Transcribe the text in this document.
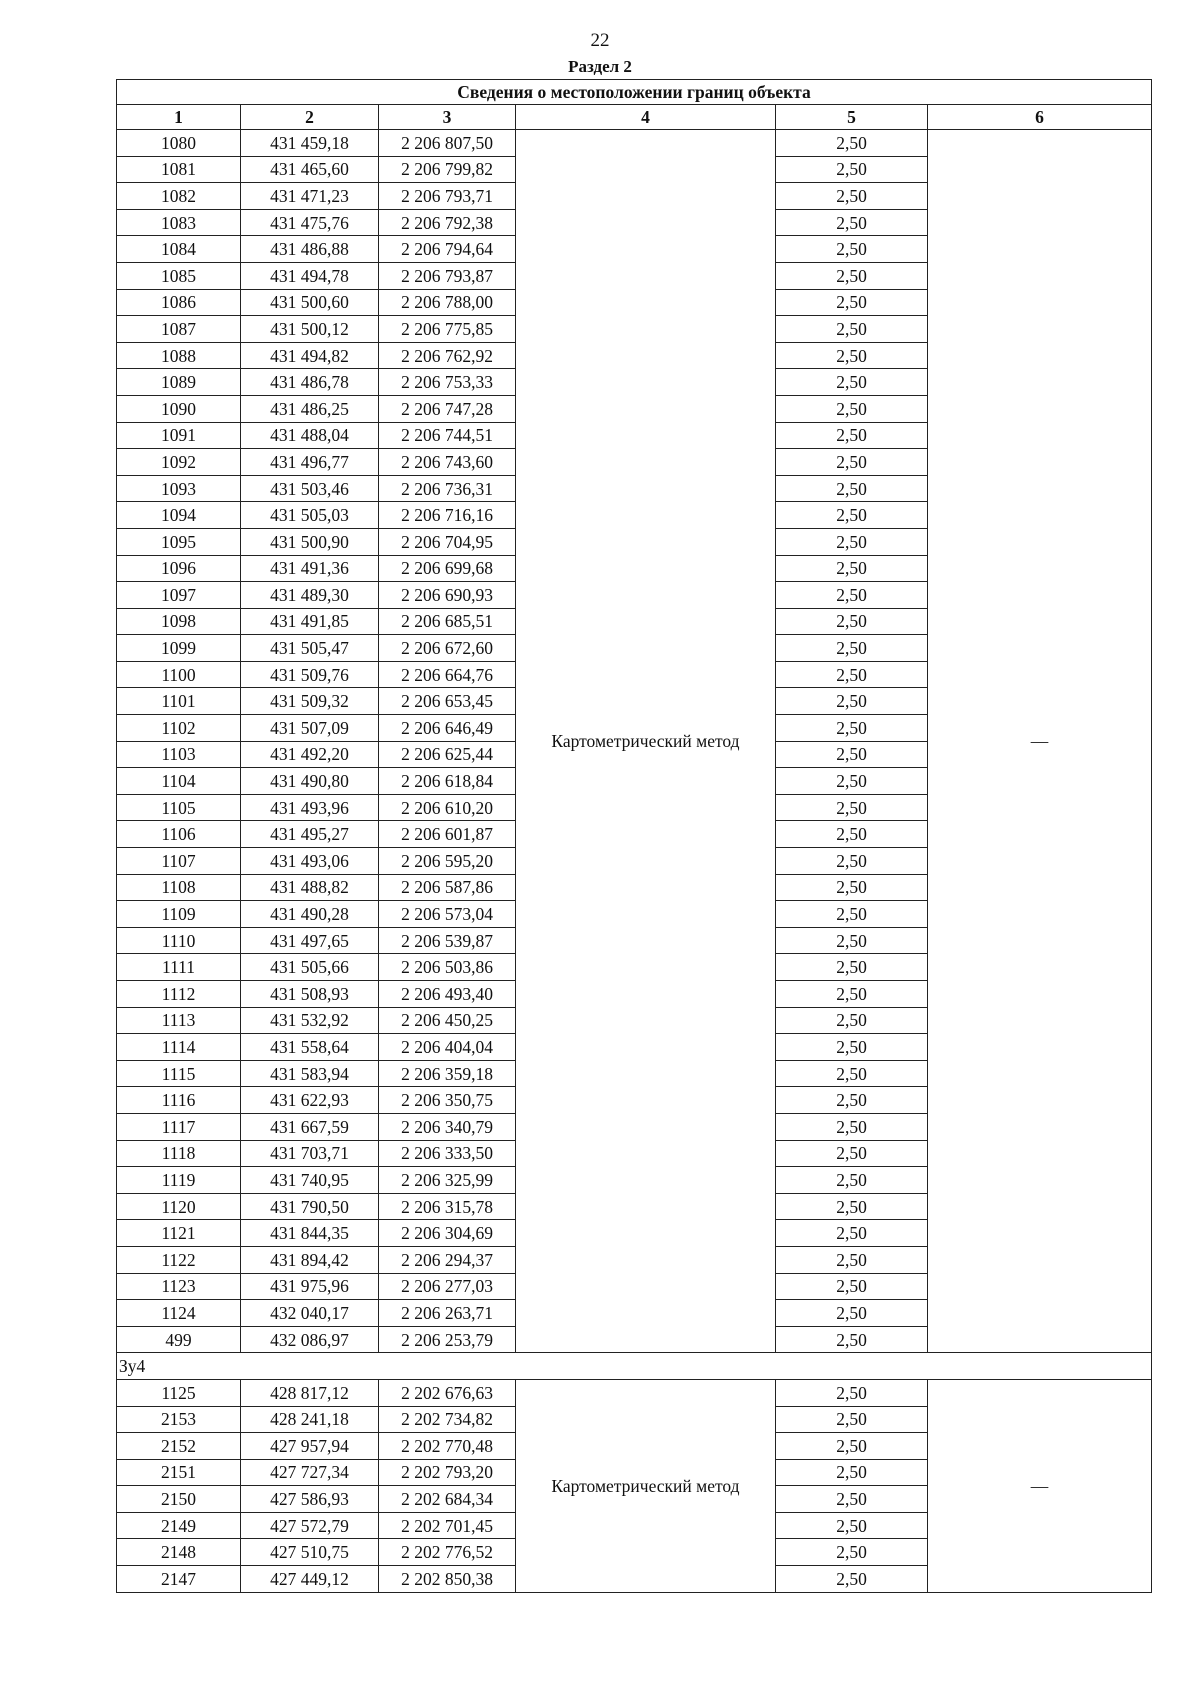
22
Раздел 2
Сведения о местоположении границ объекта					
1	2	3	4	5	6
1080	431 459,18	2 206 807,50	Картометрический метод	2,50	—
1081	431 465,60	2 206 799,82		2,50	
1082	431 471,23	2 206 793,71		2,50	
1083	431 475,76	2 206 792,38		2,50	
1084	431 486,88	2 206 794,64		2,50	
1085	431 494,78	2 206 793,87		2,50	
1086	431 500,60	2 206 788,00		2,50	
1087	431 500,12	2 206 775,85		2,50	
1088	431 494,82	2 206 762,92		2,50	
1089	431 486,78	2 206 753,33		2,50	
1090	431 486,25	2 206 747,28		2,50	
1091	431 488,04	2 206 744,51		2,50	
1092	431 496,77	2 206 743,60		2,50	
1093	431 503,46	2 206 736,31		2,50	
1094	431 505,03	2 206 716,16		2,50	
1095	431 500,90	2 206 704,95		2,50	
1096	431 491,36	2 206 699,68		2,50	
1097	431 489,30	2 206 690,93		2,50	
1098	431 491,85	2 206 685,51		2,50	
1099	431 505,47	2 206 672,60		2,50	
1100	431 509,76	2 206 664,76		2,50	
1101	431 509,32	2 206 653,45		2,50	
1102	431 507,09	2 206 646,49		2,50	
1103	431 492,20	2 206 625,44		2,50	
1104	431 490,80	2 206 618,84		2,50	
1105	431 493,96	2 206 610,20		2,50	
1106	431 495,27	2 206 601,87		2,50	
1107	431 493,06	2 206 595,20		2,50	
1108	431 488,82	2 206 587,86		2,50	
1109	431 490,28	2 206 573,04		2,50	
1110	431 497,65	2 206 539,87		2,50	
1111	431 505,66	2 206 503,86		2,50	
1112	431 508,93	2 206 493,40		2,50	
1113	431 532,92	2 206 450,25		2,50	
1114	431 558,64	2 206 404,04		2,50	
1115	431 583,94	2 206 359,18		2,50	
1116	431 622,93	2 206 350,75		2,50	
1117	431 667,59	2 206 340,79		2,50	
1118	431 703,71	2 206 333,50		2,50	
1119	431 740,95	2 206 325,99		2,50	
1120	431 790,50	2 206 315,78		2,50	
1121	431 844,35	2 206 304,69		2,50	
1122	431 894,42	2 206 294,37		2,50	
1123	431 975,96	2 206 277,03		2,50	
1124	432 040,17	2 206 263,71		2,50	
499	432 086,97	2 206 253,79		2,50	
Зу4					
1125	428 817,12	2 202 676,63	Картометрический метод	2,50	—
2153	428 241,18	2 202 734,82		2,50	
2152	427 957,94	2 202 770,48		2,50	
2151	427 727,34	2 202 793,20		2,50	
2150	427 586,93	2 202 684,34		2,50	
2149	427 572,79	2 202 701,45		2,50	
2148	427 510,75	2 202 776,52		2,50	
2147	427 449,12	2 202 850,38		2,50	
